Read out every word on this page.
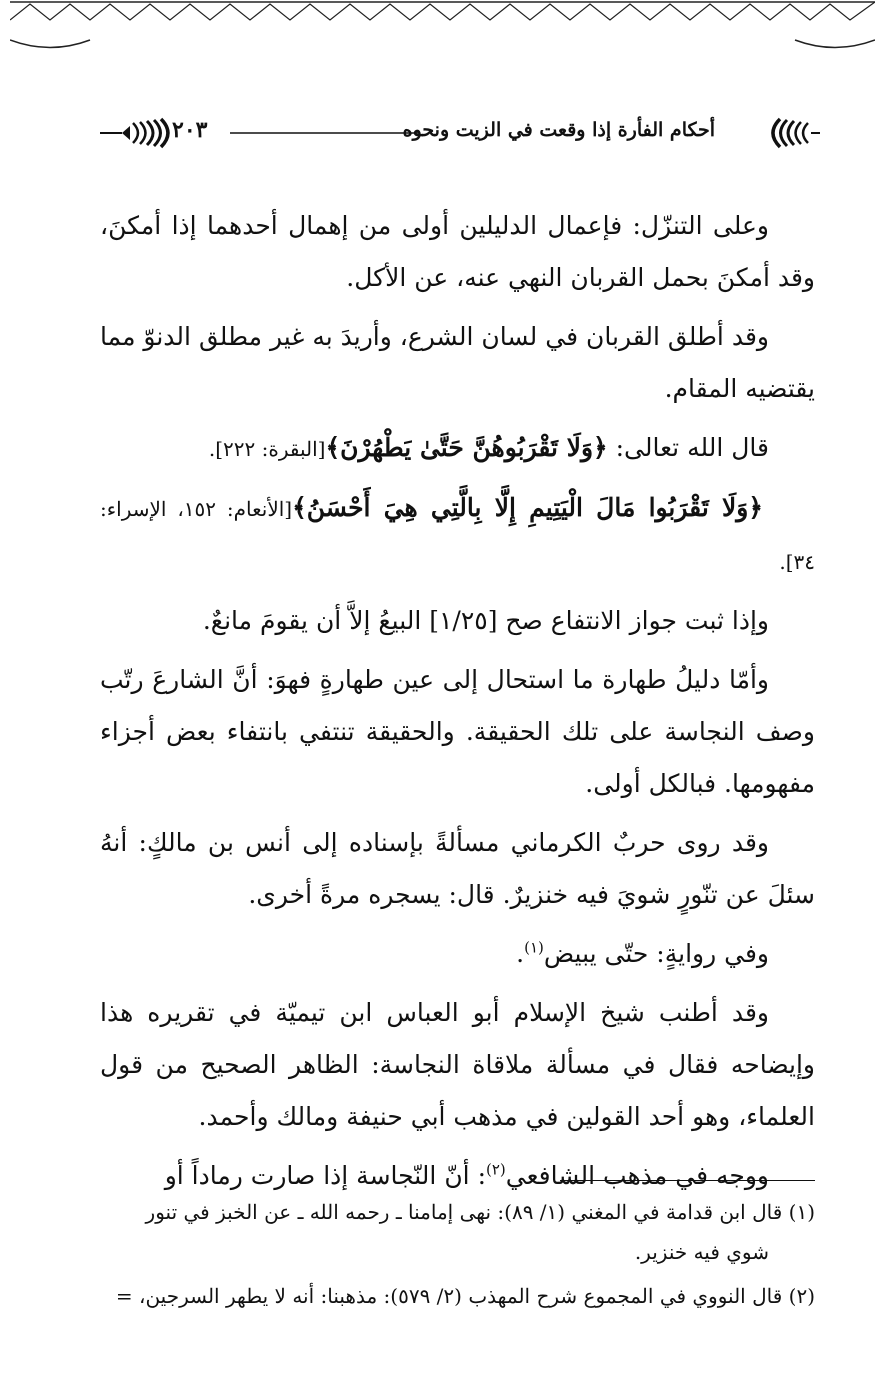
٢٠٣	أحكام الفأرة إذا وقعت في الزيت ونحوه

وعلى التنزّل: فإعمال الدليلين أولى من إهمال أحدهما إذا أمكنَ، وقد أمكنَ بحمل القربان النهي عنه، عن الأكل.

وقد أطلق القربان في لسان الشرع، وأريدَ به غير مطلق الدنوّ مما يقتضيه المقام.

قال الله تعالى: ﴿وَلَا تَقْرَبُوهُنَّ حَتَّىٰ يَطْهُرْنَ﴾[البقرة: ٢٢٢].

﴿وَلَا تَقْرَبُوا مَالَ الْيَتِيمِ إِلَّا بِالَّتِي هِيَ أَحْسَنُ﴾[الأنعام: ١٥٢، الإسراء: ٣٤].

وإذا ثبت جواز الانتفاع صح [١/٢٥] البيعُ إلاَّ أن يقومَ مانعٌ.

وأمّا دليلُ طهارة ما استحال إلى عين طهارةٍ فهوَ: أنَّ الشارعَ رتّب وصف النجاسة على تلك الحقيقة. والحقيقة تنتفي بانتفاء بعض أجزاء مفهومها. فبالكل أولى.

وقد روى حربٌ الكرماني مسألةً بإسناده إلى أنس بن مالكٍ: أنهُ سئلَ عن تنّورٍ شويَ فيه خنزيرٌ. قال: يسجره مرةً أخرى.

وفي روايةٍ: حتّى يبيض$^{(١)}$.

وقد أطنب شيخ الإسلام أبو العباس ابن تيميّة في تقريره هذا وإيضاحه فقال في مسألة ملاقاة النجاسة: الظاهر الصحيح من قول العلماء، وهو أحد القولين في مذهب أبي حنيفة ومالك وأحمد.

ووجه في مذهب الشافعي$^{(٢)}$: أنّ النّجاسة إذا صارت رماداً أو

(١) قال ابن قدامة في المغني (١/ ٨٩): نهى إمامنا ـ رحمه الله ـ عن الخبز في تنور
شوي فيه خنزير.

(٢) قال النووي في المجموع شرح المهذب (٢/ ٥٧٩): مذهبنا: أنه لا يطهر السرجين، =
